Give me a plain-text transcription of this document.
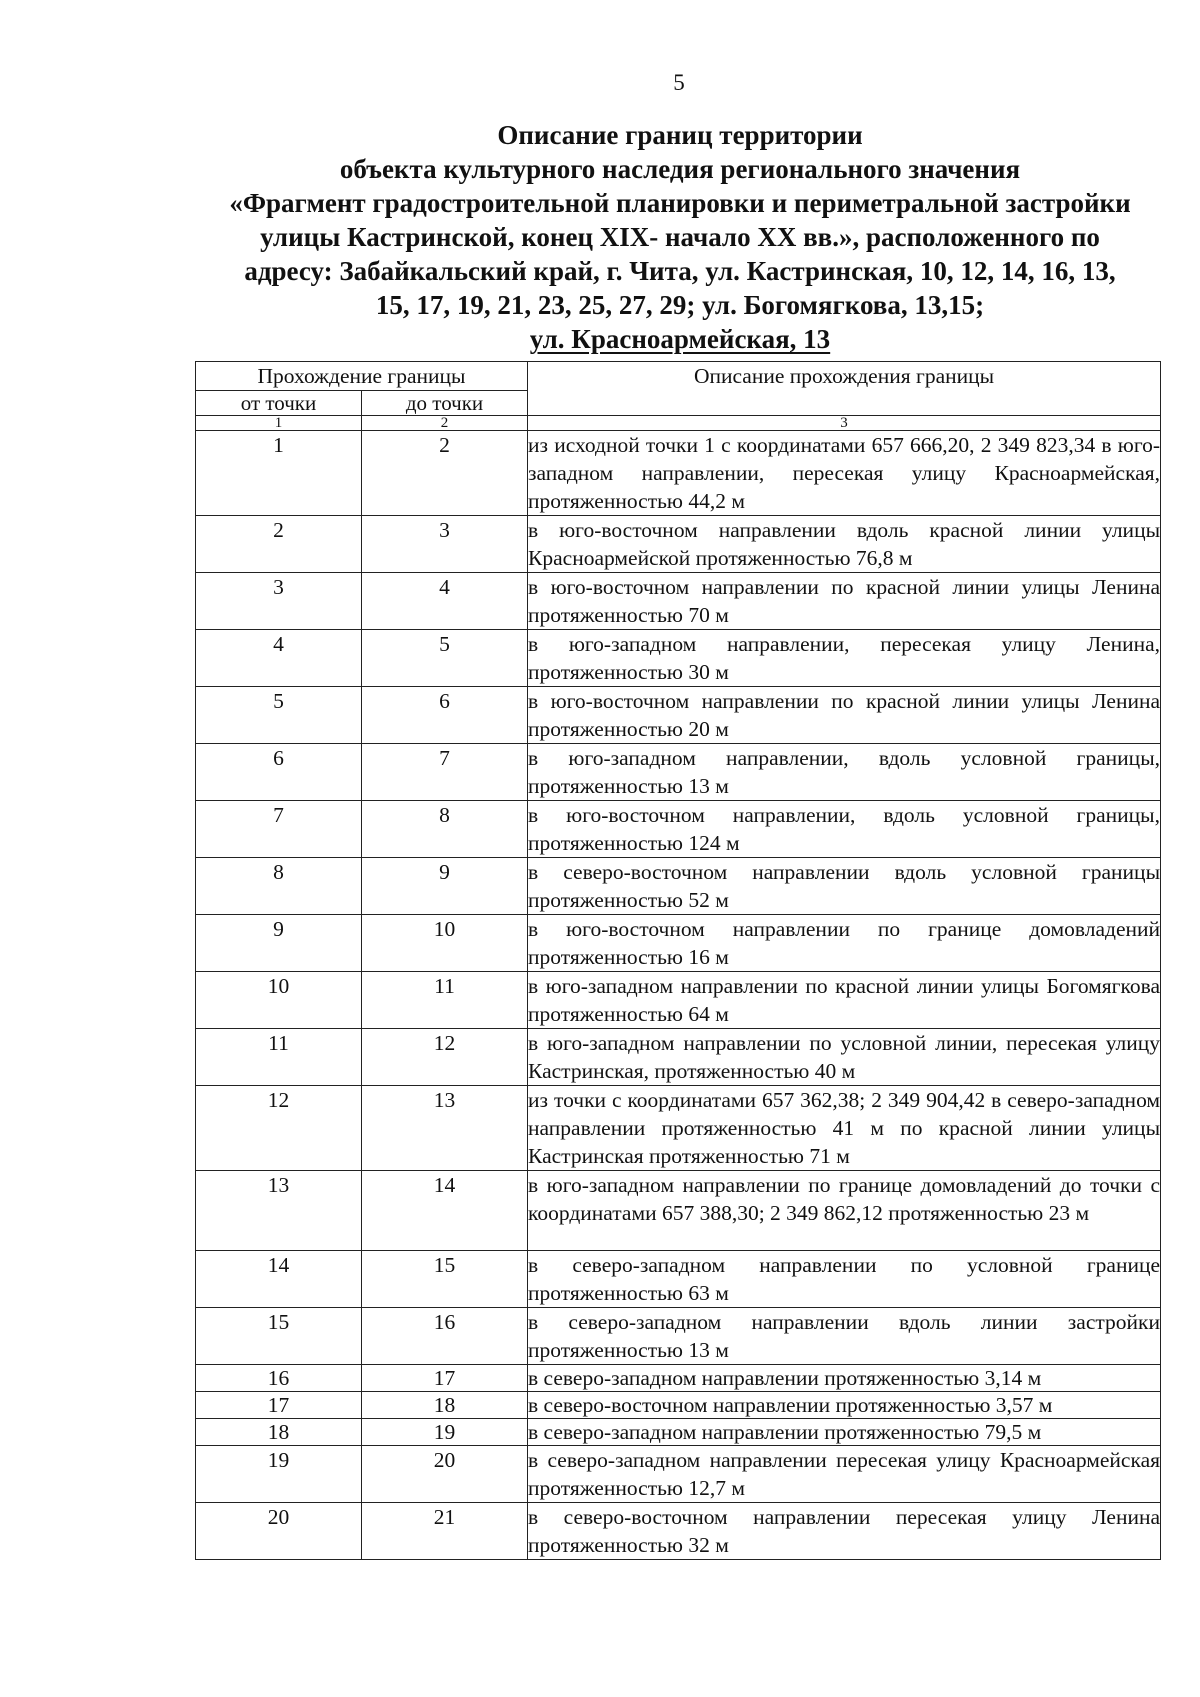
5
Описание границ территории
объекта культурного наследия регионального значения
«Фрагмент градостроительной планировки и периметральной застройки
улицы Кастринской, конец XIX- начало XX вв.», расположенного по
адресу: Забайкальский край, г. Чита, ул. Кастринская, 10, 12, 14, 16, 13,
15, 17, 19, 21, 23, 25, 27, 29; ул. Богомягкова, 13,15;
ул. Красноармейская, 13
Прохождение границы		Описание прохождения границы
от точки	до точки	
1	2	3
1	2	из исходной точки 1 с координатами 657 666,20, 2 349 823,34 в юго-западном направлении, пересекая улицу Красноармейская, протяженностью 44,2 м
2	3	в юго-восточном направлении вдоль красной линии улицы Красноармейской протяженностью 76,8 м
3	4	в юго-восточном направлении по красной линии улицы Ленина протяженностью 70 м
4	5	в юго-западном направлении, пересекая улицу Ленина, протяженностью 30 м
5	6	в юго-восточном направлении по красной линии улицы Ленина протяженностью 20 м
6	7	в юго-западном направлении, вдоль условной границы, протяженностью 13 м
7	8	в юго-восточном направлении, вдоль условной границы, протяженностью 124 м
8	9	в северо-восточном направлении вдоль условной границы протяженностью 52 м
9	10	в юго-восточном направлении по границе домовладений протяженностью 16 м
10	11	в юго-западном направлении по красной линии улицы Богомягкова протяженностью 64 м
11	12	в юго-западном направлении по условной линии, пересекая улицу Кастринская, протяженностью 40 м
12	13	из точки с координатами 657 362,38; 2 349 904,42 в северо-западном направлении протяженностью 41 м по красной линии улицы Кастринская протяженностью 71 м
13	14	в юго-западном направлении по границе домовладений до точки с координатами 657 388,30; 2 349 862,12 протяженностью 23 м
14	15	в северо-западном направлении по условной границе протяженностью 63 м
15	16	в северо-западном направлении вдоль линии застройки протяженностью 13 м
16	17	в северо-западном направлении протяженностью 3,14 м
17	18	в северо-восточном направлении протяженностью 3,57 м
18	19	в северо-западном направлении протяженностью 79,5 м
19	20	в северо-западном направлении пересекая улицу Красноармейская протяженностью 12,7 м
20	21	в северо-восточном направлении пересекая улицу Ленина протяженностью 32 м
